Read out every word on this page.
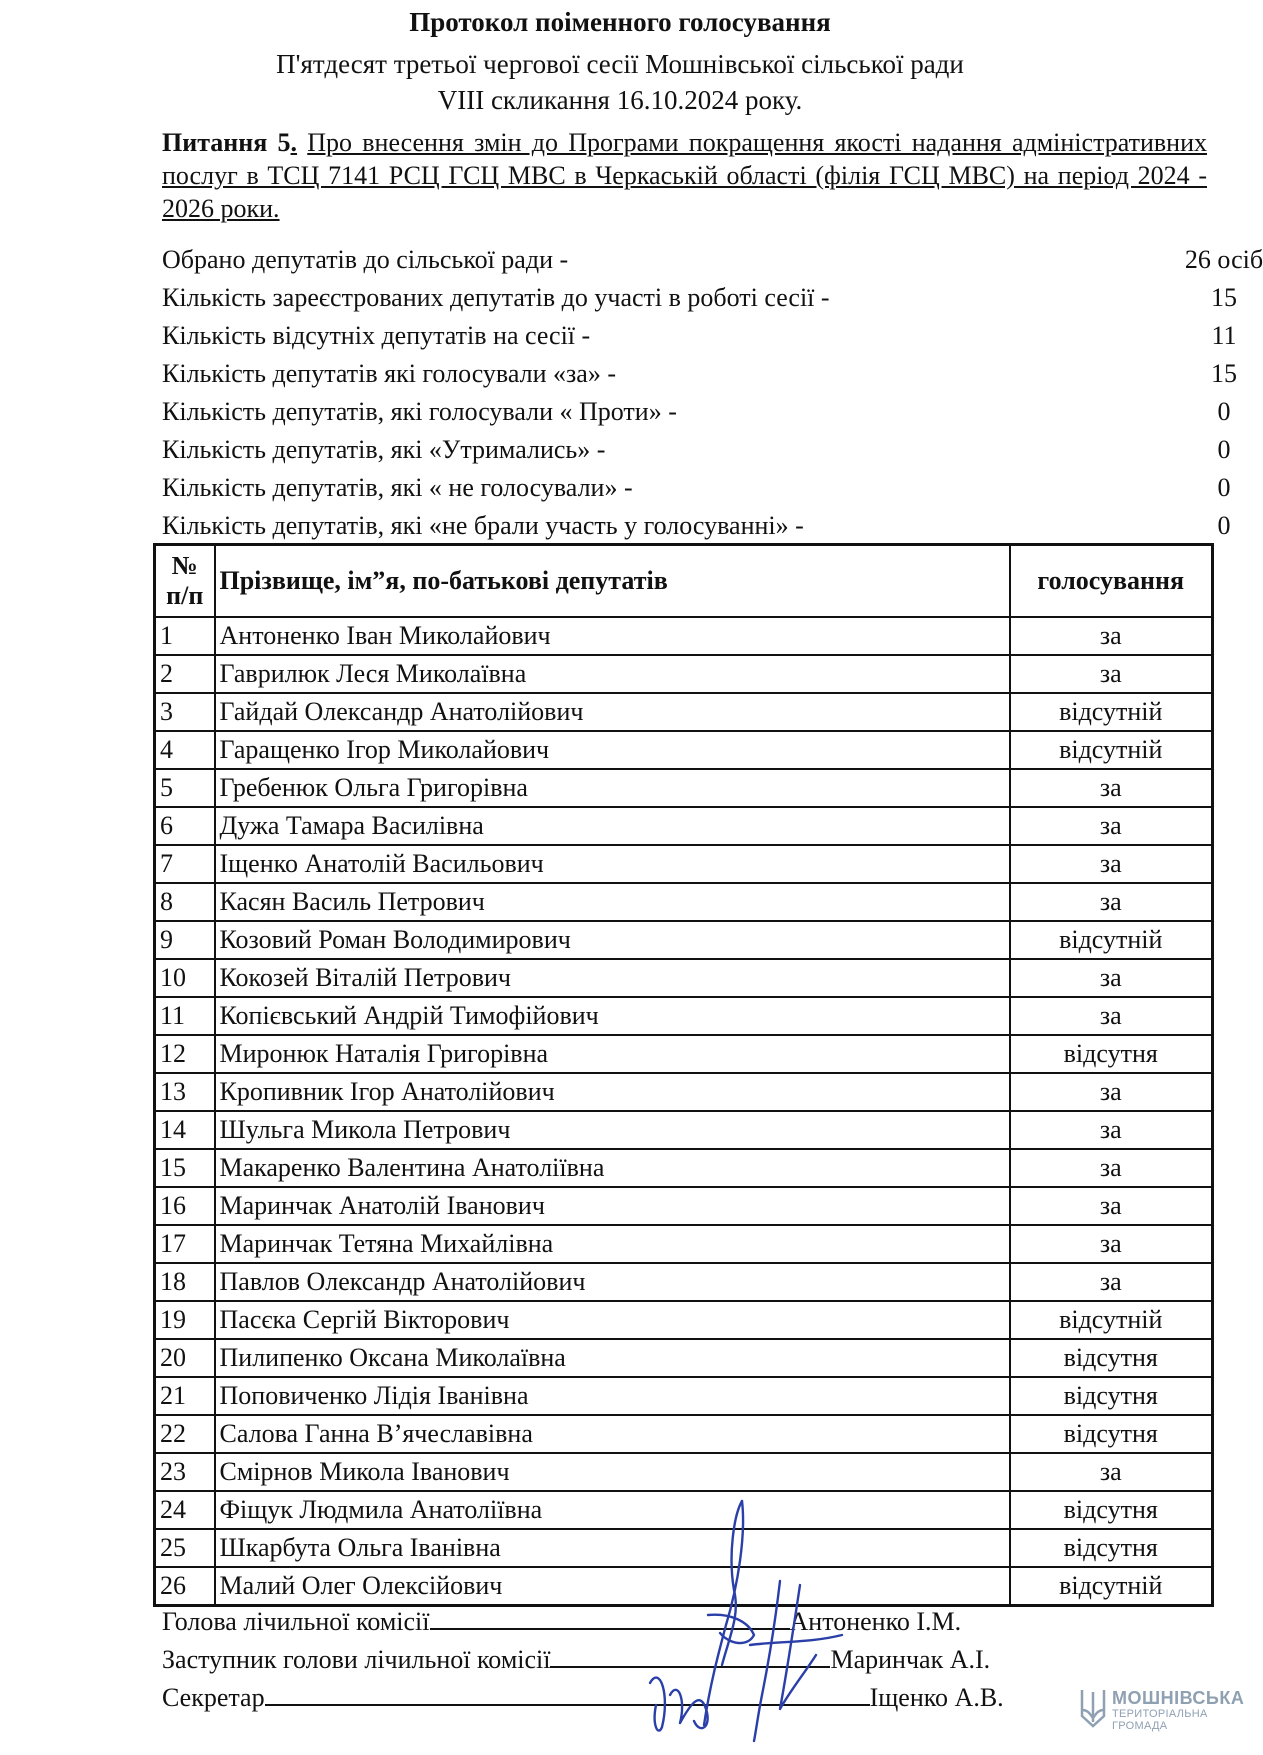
Протокол поіменного голосування
П'ятдесят третьої чергової сесії Мошнівської сільської ради
VIII скликання 16.10.2024 року.
Питання 5. Про внесення змін до Програми покращення якості надання адміністративних послуг в ТСЦ 7141 РСЦ ГСЦ МВС в Черкаській області (філія ГСЦ МВС) на період 2024 - 2026 роки.
Обрано депутатів до сільської ради -	26 осіб
Кількість зареєстрованих депутатів до участі в роботі сесії -	15
Кількість відсутніх депутатів на сесії -	11
Кількість депутатів які голосували «за» -	15
Кількість депутатів, які голосували « Проти» -	0
Кількість депутатів, які «Утримались» -	0
Кількість депутатів, які « не голосували» -	0
Кількість депутатів, які «не брали участь у голосуванні» -	0
№
п/п	Прізвище, ім”я, по-батькові депутатів	голосування
1	Антоненко Іван Миколайович	за
2	Гаврилюк Леся Миколаївна	за
3	Гайдай Олександр Анатолійович	відсутній
4	Гаращенко Ігор Миколайович	відсутній
5	Гребенюк Ольга Григорівна	за
6	Дужа Тамара Василівна	за
7	Іщенко Анатолій Васильович	за
8	Касян Василь Петрович	за
9	Козовий Роман Володимирович	відсутній
10	Кокозей Віталій Петрович	за
11	Копієвський Андрій Тимофійович	за
12	Миронюк Наталія Григорівна	відсутня
13	Кропивник Ігор Анатолійович	за
14	Шульга Микола Петрович	за
15	Макаренко Валентина Анатоліївна	за
16	Маринчак Анатолій Іванович	за
17	Маринчак Тетяна Михайлівна	за
18	Павлов Олександр Анатолійович	за
19	Пасєка Сергій Вікторович	відсутній
20	Пилипенко Оксана Миколаївна	відсутня
21	Поповиченко Лідія Іванівна	відсутня
22	Салова Ганна В’ячеславівна	відсутня
23	Смірнов Микола Іванович	за
24	Фіщук Людмила Анатоліївна	відсутня
25	Шкарбута Ольга Іванівна	відсутня
26	Малий Олег Олексійович	відсутній
Голова лічильної комісії	Антоненко І.М.
Заступник голови лічильної комісії	Маринчак А.І.
Секретар	Іщенко А.В.	МОШНІВСЬКА
ТЕРИТОРІАЛЬНА
ГРОМАДА
